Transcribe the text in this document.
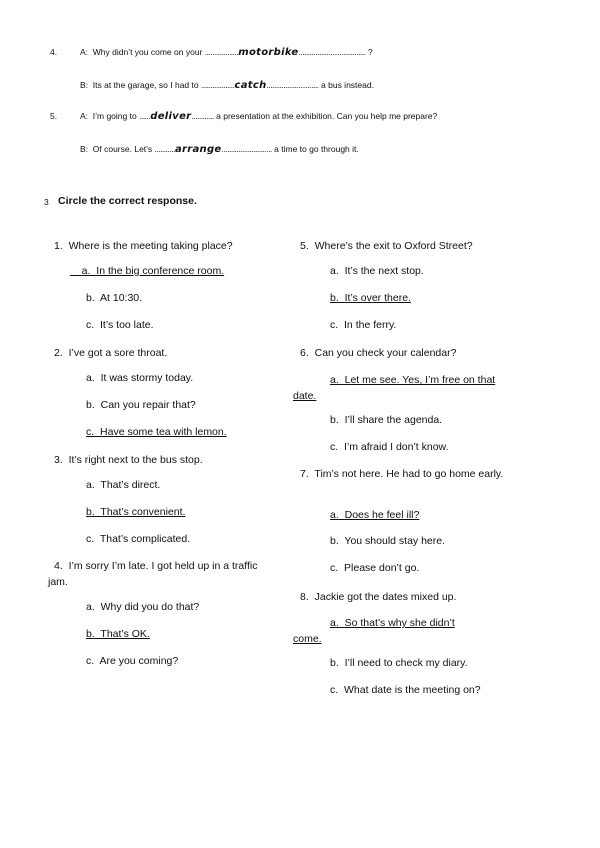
4.	A: Why didn’t you come on your ..................motorbike.................................... ?
B: Its at the garage, so I had to ..................catch............................ a bus instead.
5.	A: I’m going to ......deliver............ a presentation at the exhibition. Can you help me prepare?
B: Of course. Let’s ...........arrange........................... a time to go through it.
3 Circle the correct response.
1. Where is the meeting taking place?
a. In the big conference room.
b. At 10:30.
c. It’s too late.
2. I’ve got a sore throat.
a. It was stormy today.
b. Can you repair that?
c. Have some tea with lemon.
3. It’s right next to the bus stop.
a. That’s direct.
b. That’s convenient.
c. That’s complicated.
4. I’m sorry I’m late. I got held up in a traffic jam.
a. Why did you do that?
b. That’s OK.
c. Are you coming?
5. Where’s the exit to Oxford Street?
a. It’s the next stop.
b. It’s over there.
c. In the ferry.
6. Can you check your calendar?
a. Let me see. Yes, I’m free on that date.
b. I’ll share the agenda.
c. I’m afraid I don’t know.
7. Tim’s not here. He had to go home early.
a. Does he feel ill?
b. You should stay here.
c. Please don’t go.
8. Jackie got the dates mixed up.
a. So that’s why she didn’t come.
b. I’ll need to check my diary.
c. What date is the meeting on?
